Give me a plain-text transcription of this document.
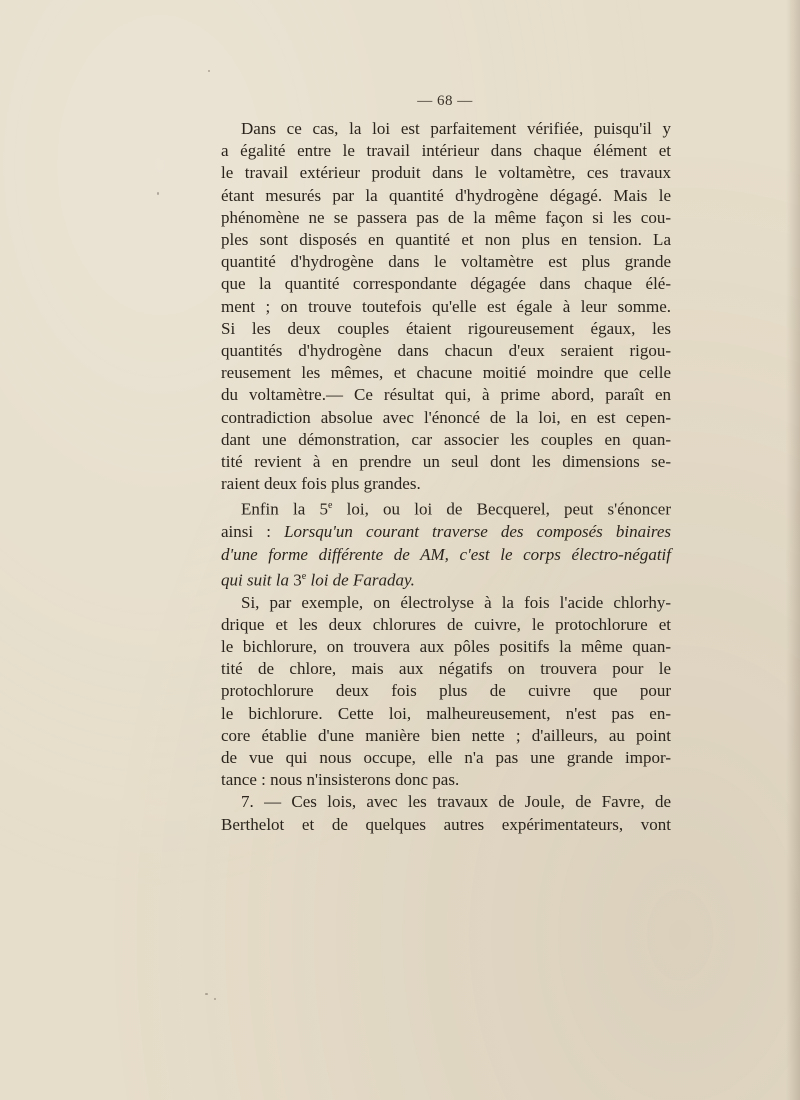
— 68 —

Dans ce cas, la loi est parfaitement vérifiée, puisqu'il y
a égalité entre le travail intérieur dans chaque élément et
le travail extérieur produit dans le voltamètre, ces travaux
étant mesurés par la quantité d'hydrogène dégagé. Mais le
phénomène ne se passera pas de la même façon si les cou-
ples sont disposés en quantité et non plus en tension. La
quantité d'hydrogène dans le voltamètre est plus grande
que la quantité correspondante dégagée dans chaque élé-
ment ; on trouve toutefois qu'elle est égale à leur somme.
Si les deux couples étaient rigoureusement égaux, les
quantités d'hydrogène dans chacun d'eux seraient rigou-
reusement les mêmes, et chacune moitié moindre que celle
du voltamètre.— Ce résultat qui, à prime abord, paraît en
contradiction absolue avec l'énoncé de la loi, en est cepen-
dant une démonstration, car associer les couples en quan-
tité revient à en prendre un seul dont les dimensions se-
raient deux fois plus grandes.

Enfin la 5e loi, ou loi de Becquerel, peut s'énoncer
ainsi : Lorsqu'un courant traverse des composés binaires
d'une forme différente de AM, c'est le corps électro-négatif
qui suit la 3e loi de Faraday.

Si, par exemple, on électrolyse à la fois l'acide chlorhy-
drique et les deux chlorures de cuivre, le protochlorure et
le bichlorure, on trouvera aux pôles positifs la même quan-
tité de chlore, mais aux négatifs on trouvera pour le
protochlorure deux fois plus de cuivre que pour
le bichlorure. Cette loi, malheureusement, n'est pas en-
core établie d'une manière bien nette ; d'ailleurs, au point
de vue qui nous occupe, elle n'a pas une grande impor-
tance : nous n'insisterons donc pas.

7. — Ces lois, avec les travaux de Joule, de Favre, de
Berthelot et de quelques autres expérimentateurs, vont
